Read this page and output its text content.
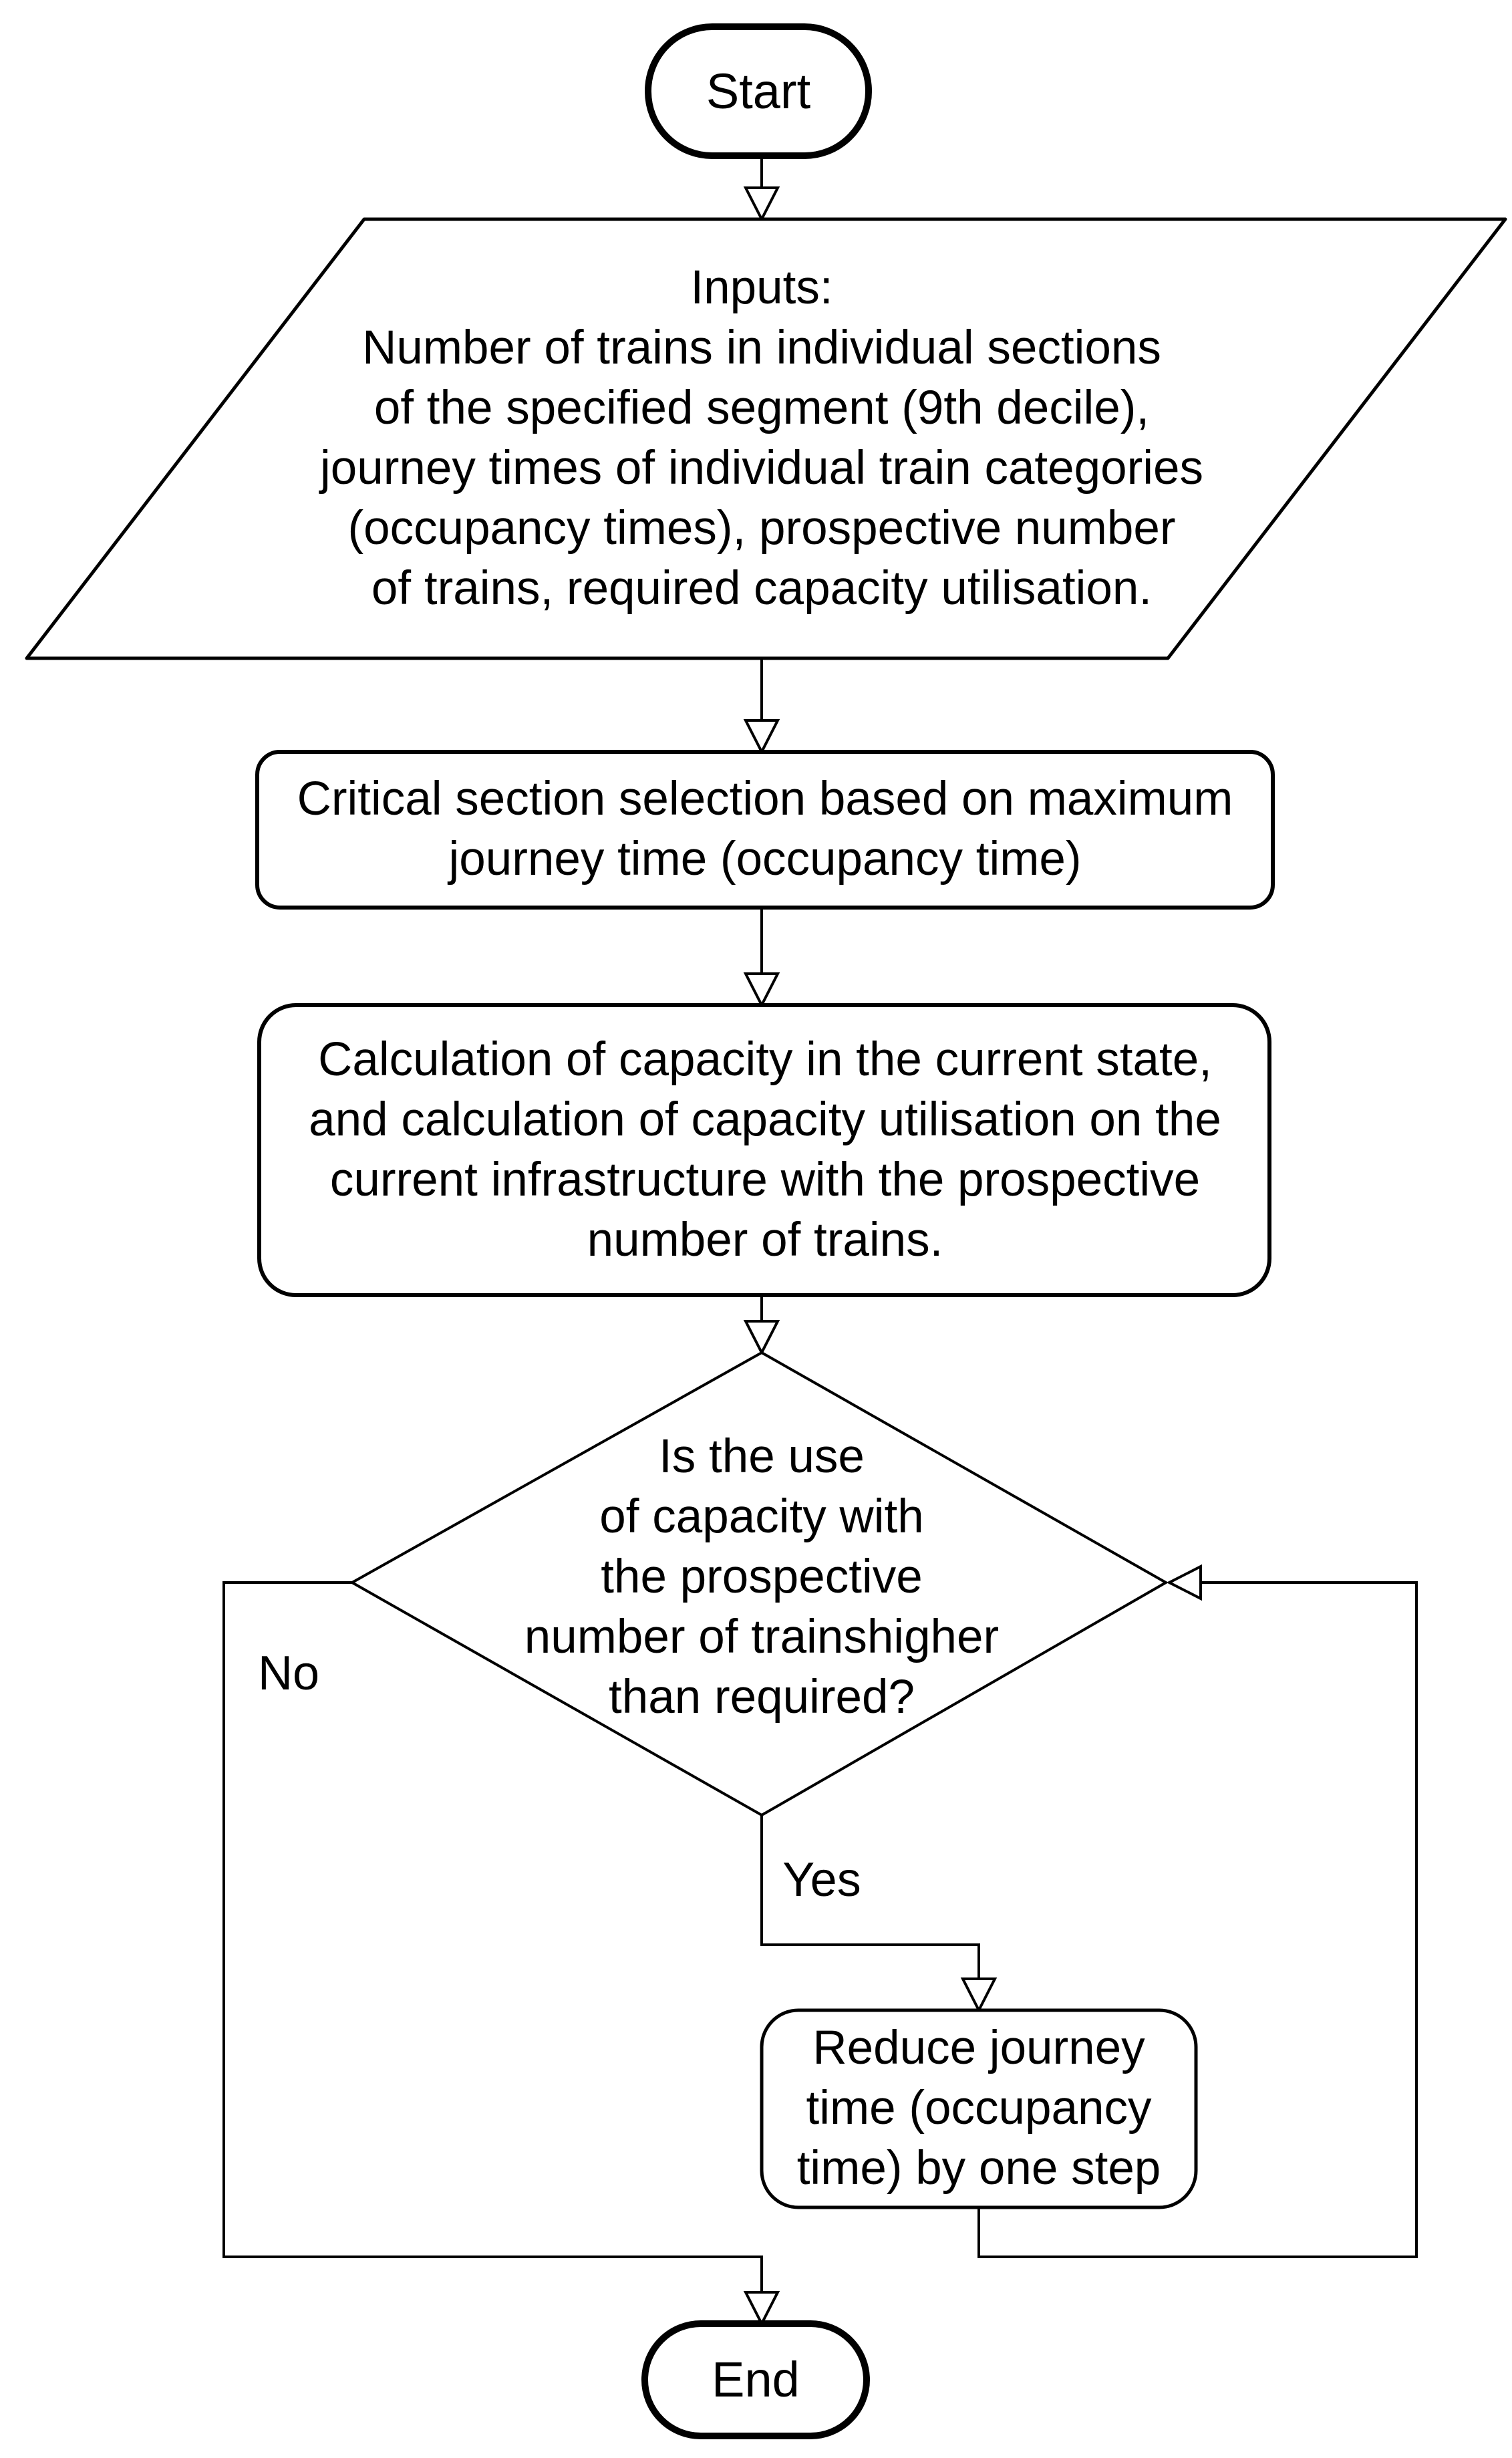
Start
Inputs:
Number of trains in individual sections
of the specified segment (9th decile),
journey times of individual train categories
(occupancy times), prospective number
of trains, required capacity utilisation.
Critical section selection based on maximum
journey time (occupancy time)
Calculation of capacity in the current state,
and calculation of capacity utilisation on the
current infrastructure with the prospective
number of trains.
Is the use
of capacity with
the prospective
number of trainshigher
than required?
No
Yes
Reduce journey
time (occupancy
time) by one step
End
